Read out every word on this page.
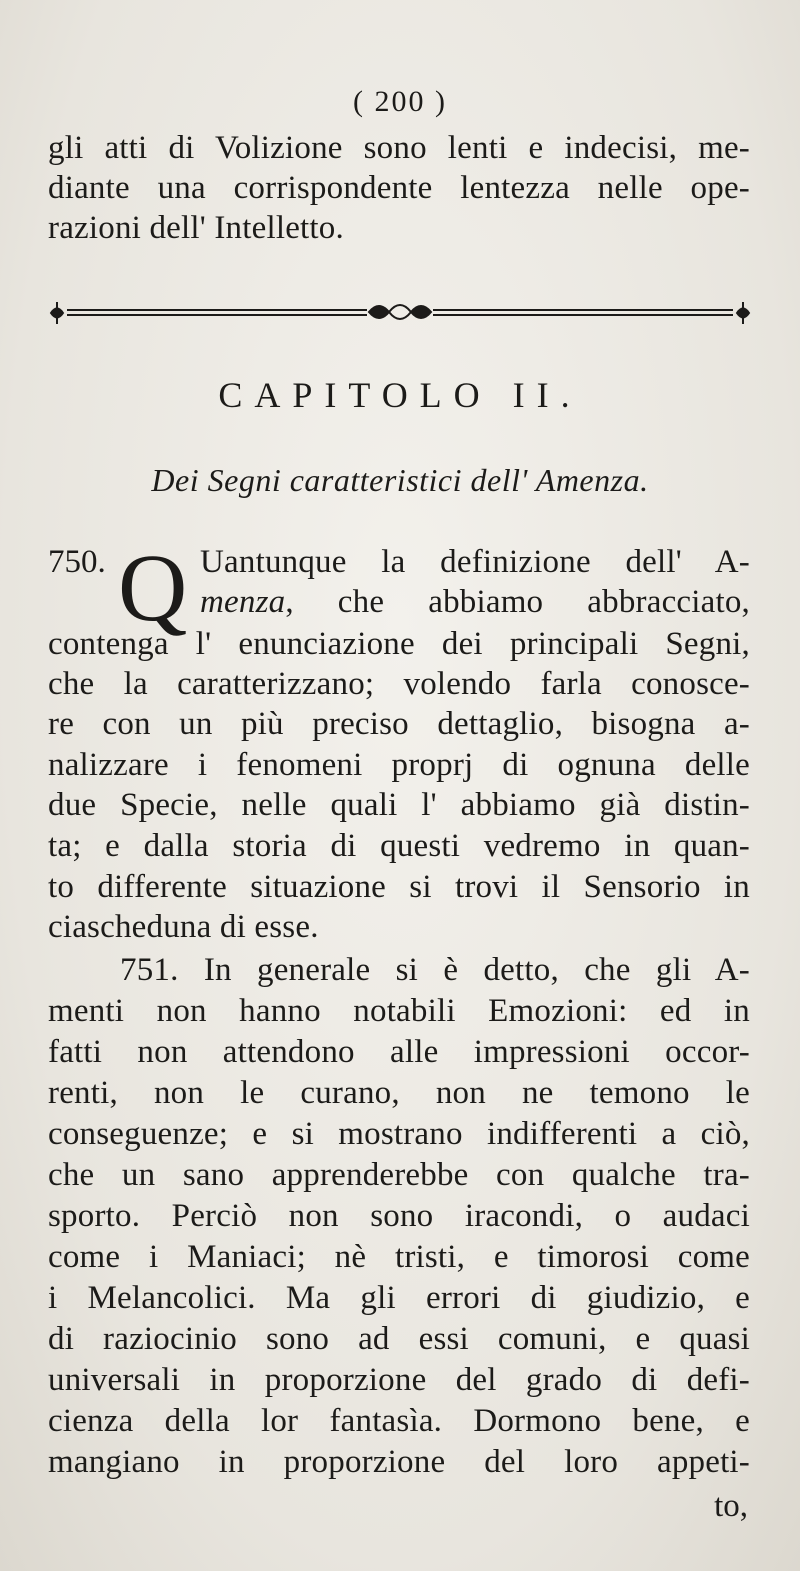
( 200 )
gli atti di Volizione sono lenti e indecisi, me-
diante una corrispondente lentezza nelle ope-
razioni dell' Intelletto.
CAPITOLO II.
Dei Segni caratteristici dell' Amenza.
750. Q Uantunque la definizione dell' A-
menza, che abbiamo abbracciato,
contenga l' enunciazione dei principali Segni,
che la caratterizzano; volendo farla conosce-
re con un più preciso dettaglio, bisogna a-
nalizzare i fenomeni proprj di ognuna delle
due Specie, nelle quali l' abbiamo già distin-
ta; e dalla storia di questi vedremo in quan-
to differente situazione si trovi il Sensorio in
ciascheduna di esse.
751. In generale si è detto, che gli A-
menti non hanno notabili Emozioni: ed in
fatti non attendono alle impressioni occor-
renti, non le curano, non ne temono le
conseguenze; e si mostrano indifferenti a ciò,
che un sano apprenderebbe con qualche tra-
sporto. Perciò non sono iracondi, o audaci
come i Maniaci; nè tristi, e timorosi come
i Melancolici. Ma gli errori di giudizio, e
di raziocinio sono ad essi comuni, e quasi
universali in proporzione del grado di defi-
cienza della lor fantasìa. Dormono bene, e
mangiano in proporzione del loro appeti-
to,
